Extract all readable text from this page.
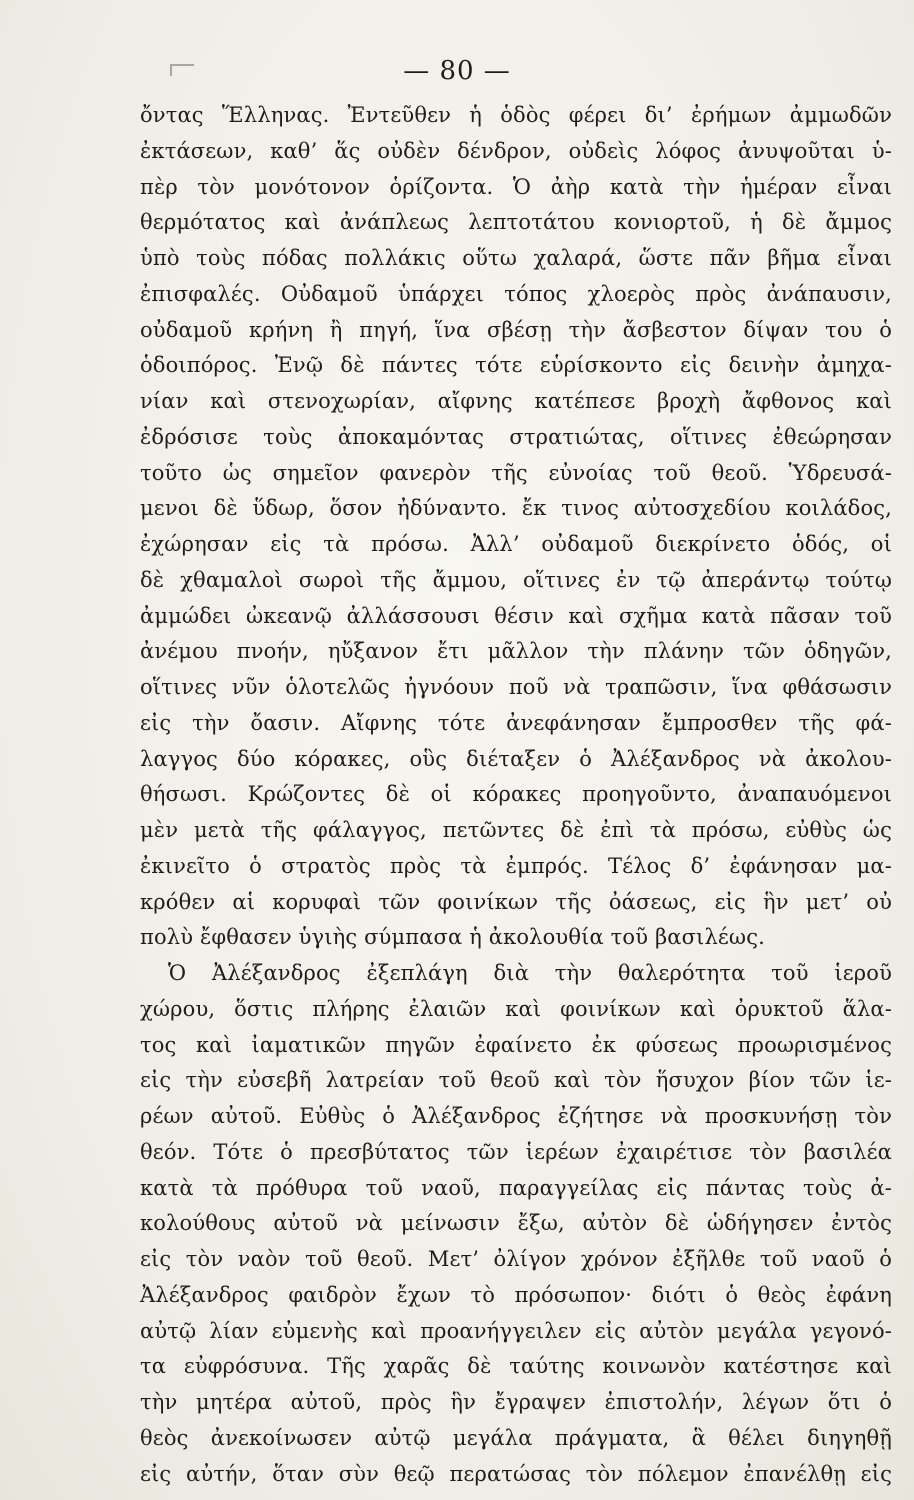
— 80 —
ὄντας Ἕλληνας. Ἐντεῦθεν ἡ ὁδὸς φέρει δι’ ἐρήμων ἀμμωδῶν
ἐκτάσεων, καθ’ ἅς οὐδὲν δένδρον, οὐδεὶς λόφος ἀνυψοῦται ὑ-
πὲρ τὸν μονότονον ὁρίζοντα. Ὁ ἀὴρ κατὰ τὴν ἡμέραν εἶναι
θερμότατος καὶ ἀνάπλεως λεπτοτάτου κονιορτοῦ, ἡ δὲ ἄμμος
ὑπὸ τοὺς πόδας πολλάκις οὕτω χαλαρά, ὥστε πᾶν βῆμα εἶναι
ἐπισφαλές. Οὐδαμοῦ ὑπάρχει τόπος χλοερὸς πρὸς ἀνάπαυσιν,
οὐδαμοῦ κρήνη ἢ πηγή, ἵνα σβέσῃ τὴν ἄσβεστον δίψαν του ὁ
ὁδοιπόρος. Ἐνῷ δὲ πάντες τότε εὑρίσκοντο εἰς δεινὴν ἀμηχα-
νίαν καὶ στενοχωρίαν, αἴφνης κατέπεσε βροχὴ ἄφθονος καὶ
ἐδρόσισε τοὺς ἀποκαμόντας στρατιώτας, οἵτινες ἐθεώρησαν
τοῦτο ὡς σημεῖον φανερὸν τῆς εὐνοίας τοῦ θεοῦ. Ὑδρευσά-
μενοι δὲ ὕδωρ, ὅσον ἠδύναντο. ἔκ τινος αὐτοσχεδίου κοιλάδος,
ἐχώρησαν εἰς τὰ πρόσω. Ἀλλ’ οὐδαμοῦ διεκρίνετο ὁδός, οἱ
δὲ χθαμαλοὶ σωροὶ τῆς ἄμμου, οἵτινες ἐν τῷ ἀπεράντῳ τούτῳ
ἀμμώδει ὠκεανῷ ἀλλάσσουσι θέσιν καὶ σχῆμα κατὰ πᾶσαν τοῦ
ἀνέμου πνοήν, ηὔξανον ἔτι μᾶλλον τὴν πλάνην τῶν ὁδηγῶν,
οἵτινες νῦν ὁλοτελῶς ἠγνόουν ποῦ νὰ τραπῶσιν, ἵνα φθάσωσιν
εἰς τὴν ὄασιν. Αἴφνης τότε ἀνεφάνησαν ἔμπροσθεν τῆς φά-
λαγγος δύο κόρακες, οὓς διέταξεν ὁ Ἀλέξανδρος νὰ ἀκολου-
θήσωσι. Κρώζοντες δὲ οἱ κόρακες προηγοῦντο, ἀναπαυόμενοι
μὲν μετὰ τῆς φάλαγγος, πετῶντες δὲ ἐπὶ τὰ πρόσω, εὐθὺς ὡς
ἐκινεῖτο ὁ στρατὸς πρὸς τὰ ἐμπρός. Τέλος δ’ ἐφάνησαν μα-
κρόθεν αἱ κορυφαὶ τῶν φοινίκων τῆς ὀάσεως, εἰς ἣν μετ’ οὐ
πολὺ ἔφθασεν ὑγιὴς σύμπασα ἡ ἀκολουθία τοῦ βασιλέως.
Ὁ Ἀλέξανδρος ἐξεπλάγη διὰ τὴν θαλερότητα τοῦ ἱεροῦ
χώρου, ὅστις πλήρης ἐλαιῶν καὶ φοινίκων καὶ ὀρυκτοῦ ἅλα-
τος καὶ ἰαματικῶν πηγῶν ἐφαίνετο ἐκ φύσεως προωρισμένος
εἰς τὴν εὐσεβῆ λατρείαν τοῦ θεοῦ καὶ τὸν ἥσυχον βίον τῶν ἱε-
ρέων αὐτοῦ. Εὐθὺς ὁ Ἀλέξανδρος ἐζήτησε νὰ προσκυνήσῃ τὸν
θεόν. Τότε ὁ πρεσβύτατος τῶν ἱερέων ἐχαιρέτισε τὸν βασιλέα
κατὰ τὰ πρόθυρα τοῦ ναοῦ, παραγγείλας εἰς πάντας τοὺς ἀ-
κολούθους αὐτοῦ νὰ μείνωσιν ἔξω, αὐτὸν δὲ ὡδήγησεν ἐντὸς
εἰς τὸν ναὸν τοῦ θεοῦ. Μετ’ ὀλίγον χρόνον ἐξῆλθε τοῦ ναοῦ ὁ
Ἀλέξανδρος φαιδρὸν ἔχων τὸ πρόσωπον· διότι ὁ θεὸς ἐφάνη
αὐτῷ λίαν εὐμενὴς καὶ προανήγγειλεν εἰς αὐτὸν μεγάλα γεγονό-
τα εὐφρόσυνα. Τῆς χαρᾶς δὲ ταύτης κοινωνὸν κατέστησε καὶ
τὴν μητέρα αὐτοῦ, πρὸς ἣν ἔγραψεν ἐπιστολήν, λέγων ὅτι ὁ
θεὸς ἀνεκοίνωσεν αὐτῷ μεγάλα πράγματα, ἃ θέλει διηγηθῇ
εἰς αὐτήν, ὅταν σὺν θεῷ περατώσας τὸν πόλεμον ἐπανέλθῃ εἰς
